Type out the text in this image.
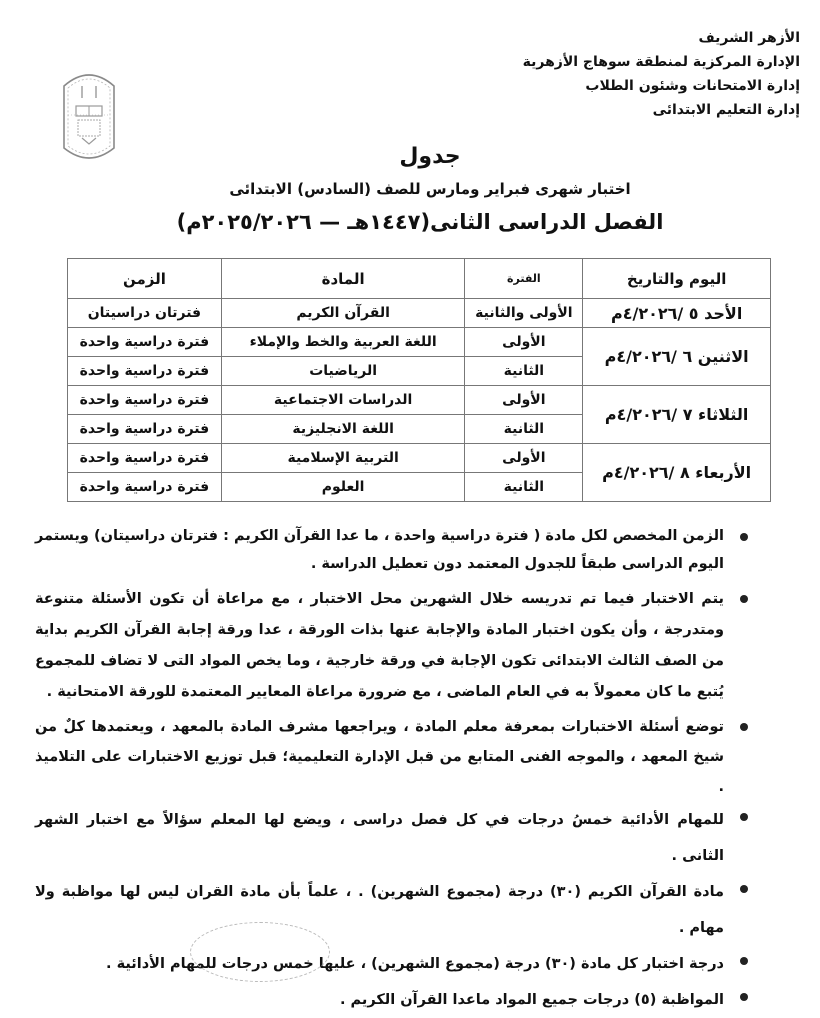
الأزهر الشريف
الإدارة المركزية لمنطقة سوهاج الأزهرية
إدارة الامتحانات وشئون الطلاب
إدارة التعليم الابتدائى
جدول
اختبار شهرى فبراير ومارس للصف (السادس) الابتدائى
الفصل الدراسى الثانى(١٤٤٧هـ — ٢٠٢٥/٢٠٢٦م)
اليوم والتاريخ	الفترة	المادة	الزمن
الأحد ٥ /٤/٢٠٢٦م	الأولى والثانية	القرآن الكريم	فترتان دراسيتان
الاثنين ٦ /٤/٢٠٢٦م	الأولى	اللغة العربية والخط والإملاء	فترة دراسية واحدة
	الثانية	الرياضيات	فترة دراسية واحدة
الثلاثاء ٧ /٤/٢٠٢٦م	الأولى	الدراسات الاجتماعية	فترة دراسية واحدة
	الثانية	اللغة الانجليزية	فترة دراسية واحدة
الأربعاء ٨ /٤/٢٠٢٦م	الأولى	التربية الإسلامية	فترة دراسية واحدة
	الثانية	العلوم	فترة دراسية واحدة
الزمن المخصص لكل مادة ( فترة دراسية واحدة ، ما عدا القرآن الكريم : فترتان دراسيتان) ويستمر اليوم الدراسى طبقاً للجدول المعتمد دون تعطيل الدراسة .
يتم الاختبار فيما تم تدريسه خلال الشهرين محل الاختبار ، مع مراعاة أن تكون الأسئلة متنوعة ومتدرجة ، وأن يكون اختبار المادة والإجابة عنها بذات الورقة ، عدا ورقة إجابة القرآن الكريم بداية من الصف الثالث الابتدائى تكون الإجابة في ورقة خارجية ، وما يخص المواد التى لا تضاف للمجموع يُتبع ما كان معمولاً به في العام الماضى ، مع ضرورة مراعاة المعايير المعتمدة للورقة الامتحانية .
توضع أسئلة الاختبارات بمعرفة معلم المادة ، ويراجعها مشرف المادة بالمعهد ، ويعتمدها كلٌ من شيخ المعهد ، والموجه الفنى المتابع من قبل الإدارة التعليمية؛ قبل توزيع الاختبارات على التلاميذ .
للمهام الأدائية خمسُ درجات في كل فصل دراسى ، ويضع لها المعلم سؤالاً مع اختبار الشهر الثانى .
مادة القرآن الكريم (٣٠) درجة (مجموع الشهرين) . ، علماً بأن مادة القران ليس لها مواظبة ولا مهام .
درجة اختبار كل مادة (٣٠) درجة (مجموع الشهرين) ، عليها خمس درجات للمهام الأدائية .
المواظبة (٥) درجات جميع المواد ماعدا القرآن الكريم .
